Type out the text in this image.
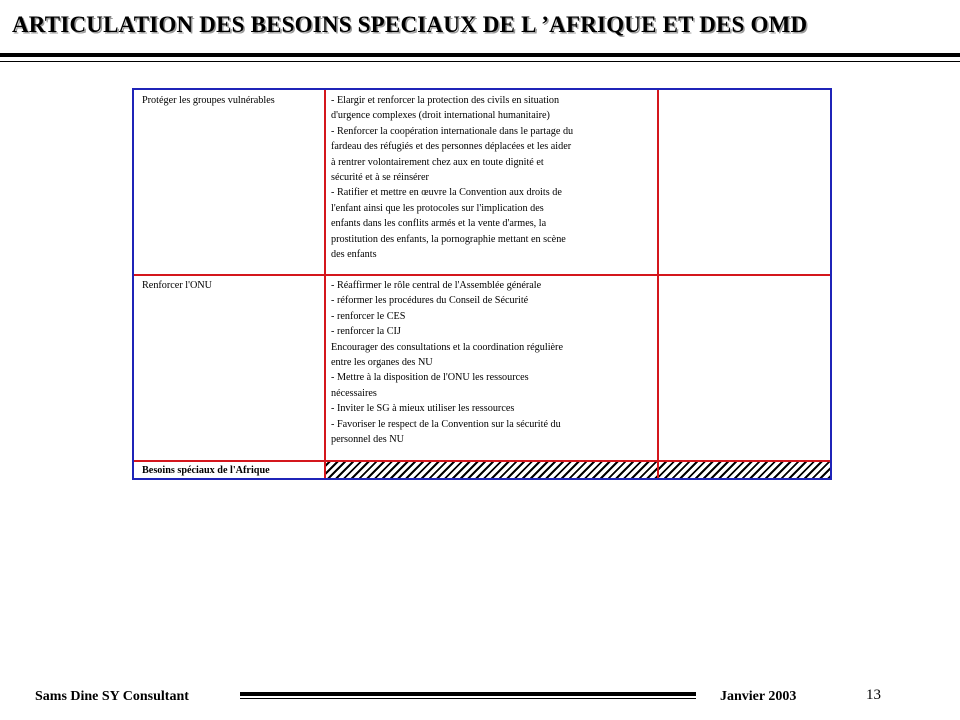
ARTICULATION DES BESOINS SPECIAUX DE L ’AFRIQUE ET DES OMD
Protéger les groupes vulnérables	- Elargir et renforcer la protection des civils en situation
d'urgence complexes (droit international humanitaire)
- Renforcer la coopération internationale dans le partage du
fardeau des réfugiés et des personnes déplacées et les aider
à rentrer volontairement chez aux en toute dignité et
sécurité et à se réinsérer
- Ratifier et mettre en œuvre la Convention aux droits de
l'enfant ainsi que les protocoles sur l'implication des
enfants dans les conflits armés et la vente d'armes, la
prostitution des enfants, la pornographie mettant en scène
des enfants
Renforcer l'ONU	- Réaffirmer le rôle central de l'Assemblée générale
- réformer les procédures du Conseil de Sécurité
- renforcer le CES
- renforcer la CIJ
Encourager des consultations et la coordination régulière
entre les organes des NU
- Mettre à la disposition de l'ONU les ressources
nécessaires
- Inviter le SG à mieux utiliser les ressources
- Favoriser le respect de la Convention sur la sécurité du
personnel des NU
Besoins spéciaux de l'Afrique
Sams Dine SY Consultant	Janvier 2003	13
